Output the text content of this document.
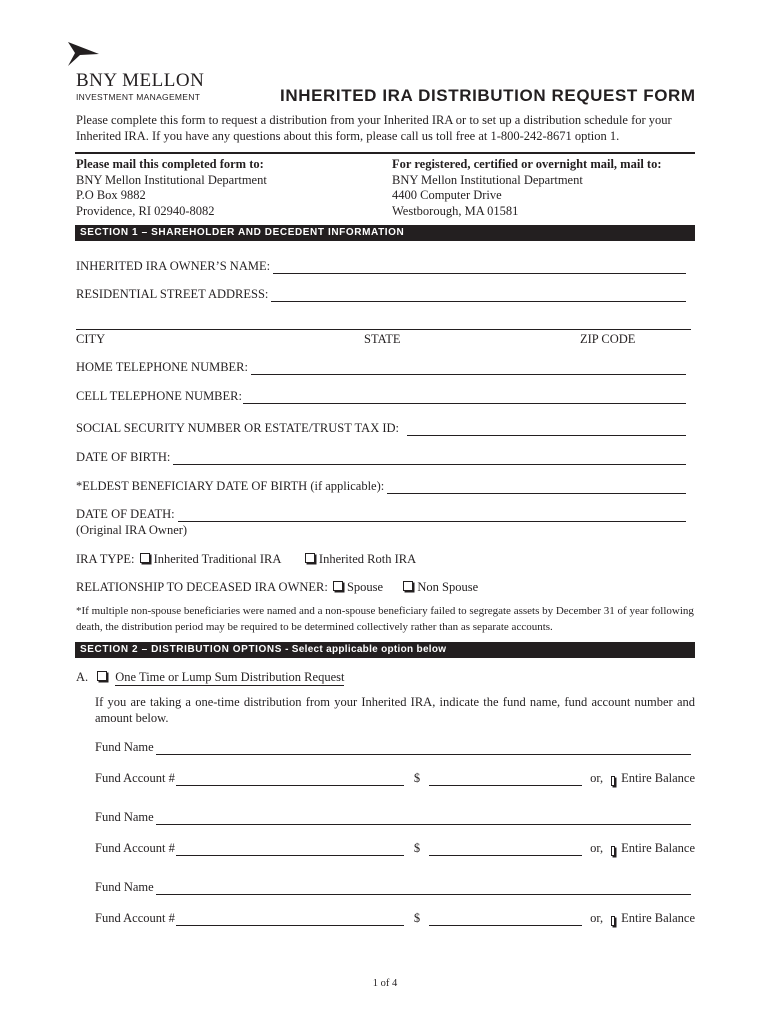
BNY MELLON
INVESTMENT MANAGEMENT	INHERITED IRA DISTRIBUTION REQUEST FORM
Please complete this form to request a distribution from your Inherited IRA or to set up a distribution schedule for your Inherited IRA. If you have any questions about this form, please call us toll free at 1-800-242-8671 option 1.
Please mail this completed form to:
BNY Mellon Institutional Department
P.O Box 9882
Providence, RI 02940-8082
For registered, certified or overnight mail, mail to:
BNY Mellon Institutional Department
4400 Computer Drive
Westborough, MA 01581
SECTION 1 – SHAREHOLDER AND DECEDENT INFORMATION
INHERITED IRA OWNER’S NAME:
RESIDENTIAL STREET ADDRESS:
CITY	STATE	ZIP CODE
HOME TELEPHONE NUMBER:
CELL TELEPHONE NUMBER:
SOCIAL SECURITY NUMBER OR ESTATE/TRUST TAX ID:
DATE OF BIRTH:
*ELDEST BENEFICIARY DATE OF BIRTH (if applicable):
DATE OF DEATH:
(Original IRA Owner)
IRA TYPE: Inherited Traditional IRA	Inherited Roth IRA
RELATIONSHIP TO DECEASED IRA OWNER: Spouse	Non Spouse
*If multiple non-spouse beneficiaries were named and a non-spouse beneficiary failed to segregate assets by December 31 of year following death, the distribution period may be required to be determined collectively rather than as separate accounts.
SECTION 2 – DISTRIBUTION OPTIONS - Select applicable option below
A. One Time or Lump Sum Distribution Request
If you are taking a one-time distribution from your Inherited IRA, indicate the fund name, fund account number and amount below.
Fund Name
Fund Account #	$	or, Entire Balance
Fund Name
Fund Account #	$	or, Entire Balance
Fund Name
Fund Account #	$	or, Entire Balance
1 of 4
